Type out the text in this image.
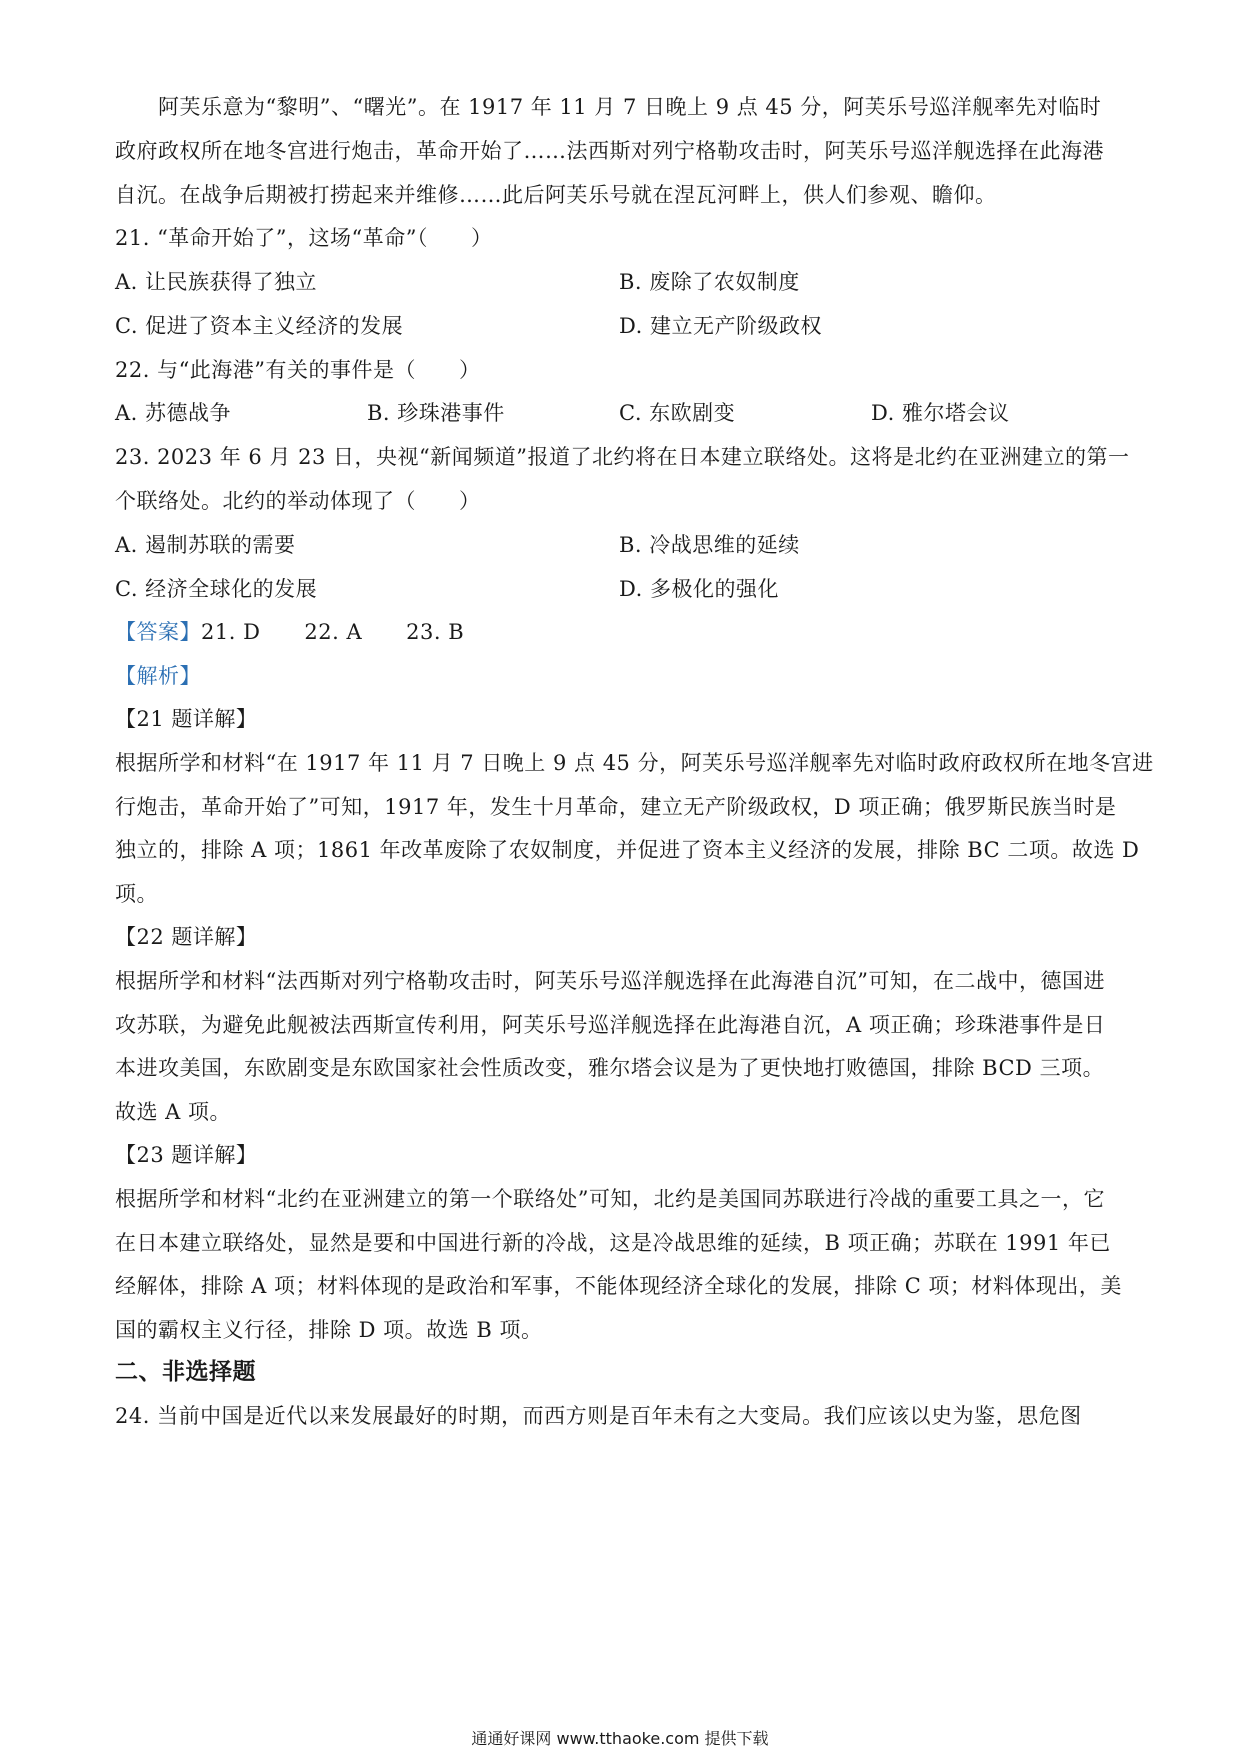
阿芙乐意为“黎明”、“曙光”。在 1917 年 11 月 7 日晚上 9 点 45 分，阿芙乐号巡洋舰率先对临时
政府政权所在地冬宫进行炮击，革命开始了……法西斯对列宁格勒攻击时，阿芙乐号巡洋舰选择在此海港
自沉。在战争后期被打捞起来并维修……此后阿芙乐号就在涅瓦河畔上，供人们参观、瞻仰。
21. “革命开始了”，这场“革命”（　　）
A. 让民族获得了独立	B. 废除了农奴制度
C. 促进了资本主义经济的发展	D. 建立无产阶级政权
22. 与“此海港”有关的事件是（　　）
A. 苏德战争	B. 珍珠港事件	C. 东欧剧变	D. 雅尔塔会议
23. 2023 年 6 月 23 日，央视“新闻频道”报道了北约将在日本建立联络处。这将是北约在亚洲建立的第一
个联络处。北约的举动体现了（　　）
A. 遏制苏联的需要	B. 冷战思维的延续
C. 经济全球化的发展	D. 多极化的强化
【答案】21. D 22. A 23. B
【解析】
【21 题详解】
根据所学和材料“在 1917 年 11 月 7 日晚上 9 点 45 分，阿芙乐号巡洋舰率先对临时政府政权所在地冬宫进
行炮击，革命开始了”可知，1917 年，发生十月革命，建立无产阶级政权，D 项正确；俄罗斯民族当时是
独立的，排除 A 项；1861 年改革废除了农奴制度，并促进了资本主义经济的发展，排除 BC 二项。故选 D
项。
【22 题详解】
根据所学和材料“法西斯对列宁格勒攻击时，阿芙乐号巡洋舰选择在此海港自沉”可知，在二战中，德国进
攻苏联，为避免此舰被法西斯宣传利用，阿芙乐号巡洋舰选择在此海港自沉，A 项正确；珍珠港事件是日
本进攻美国，东欧剧变是东欧国家社会性质改变，雅尔塔会议是为了更快地打败德国，排除 BCD 三项。
故选 A 项。
【23 题详解】
根据所学和材料“北约在亚洲建立的第一个联络处”可知，北约是美国同苏联进行冷战的重要工具之一，它
在日本建立联络处，显然是要和中国进行新的冷战，这是冷战思维的延续，B 项正确；苏联在 1991 年已
经解体，排除 A 项；材料体现的是政治和军事，不能体现经济全球化的发展，排除 C 项；材料体现出，美
国的霸权主义行径，排除 D 项。故选 B 项。
二、非选择题
24. 当前中国是近代以来发展最好的时期，而西方则是百年未有之大变局。我们应该以史为鉴，思危图
通通好课网 www.tthaoke.com 提供下载
